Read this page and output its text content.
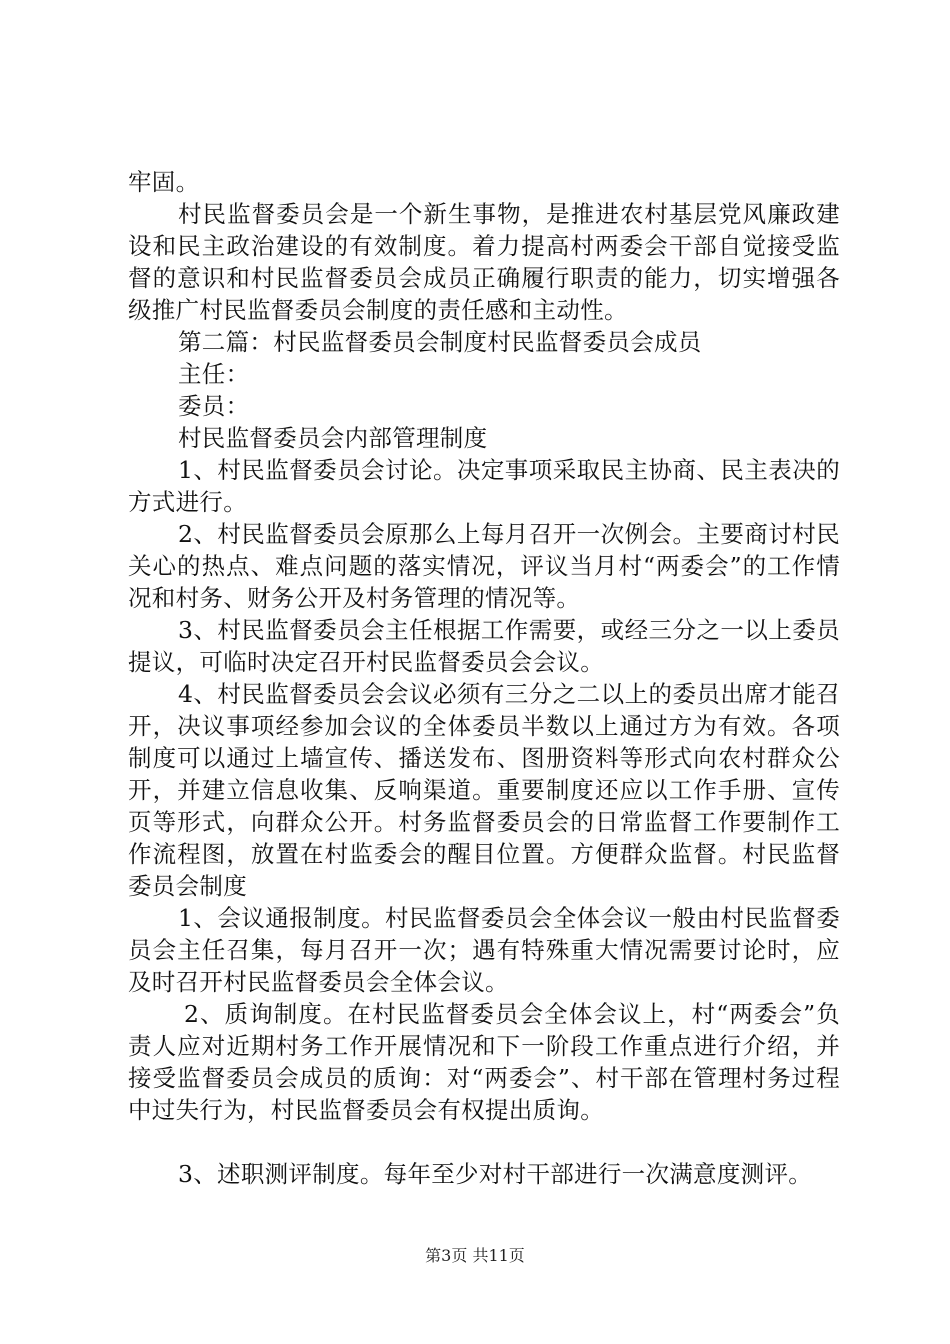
牢固。

村民监督委员会是一个新生事物，是推进农村基层党风廉政建设和民主政治建设的有效制度。着力提高村两委会干部自觉接受监督的意识和村民监督委员会成员正确履行职责的能力，切实增强各级推广村民监督委员会制度的责任感和主动性。

第二篇：村民监督委员会制度村民监督委员会成员

主任：

委员：

村民监督委员会内部管理制度

1、村民监督委员会讨论。决定事项采取民主协商、民主表决的方式进行。

2、村民监督委员会原那么上每月召开一次例会。主要商讨村民关心的热点、难点问题的落实情况，评议当月村“两委会”的工作情况和村务、财务公开及村务管理的情况等。

3、村民监督委员会主任根据工作需要，或经三分之一以上委员提议，可临时决定召开村民监督委员会会议。

4、村民监督委员会会议必须有三分之二以上的委员出席才能召开，决议事项经参加会议的全体委员半数以上通过方为有效。各项制度可以通过上墙宣传、播送发布、图册资料等形式向农村群众公开，并建立信息收集、反响渠道。重要制度还应以工作手册、宣传页等形式，向群众公开。村务监督委员会的日常监督工作要制作工作流程图，放置在村监委会的醒目位置。方便群众监督。村民监督委员会制度

1、会议通报制度。村民监督委员会全体会议一般由村民监督委员会主任召集，每月召开一次；遇有特殊重大情况需要讨论时，应及时召开村民监督委员会全体会议。

2、质询制度。在村民监督委员会全体会议上，村“两委会”负责人应对近期村务工作开展情况和下一阶段工作重点进行介绍，并接受监督委员会成员的质询：对“两委会”、村干部在管理村务过程中过失行为，村民监督委员会有权提出质询。

3、述职测评制度。每年至少对村干部进行一次满意度测评。

第3页 共11页
